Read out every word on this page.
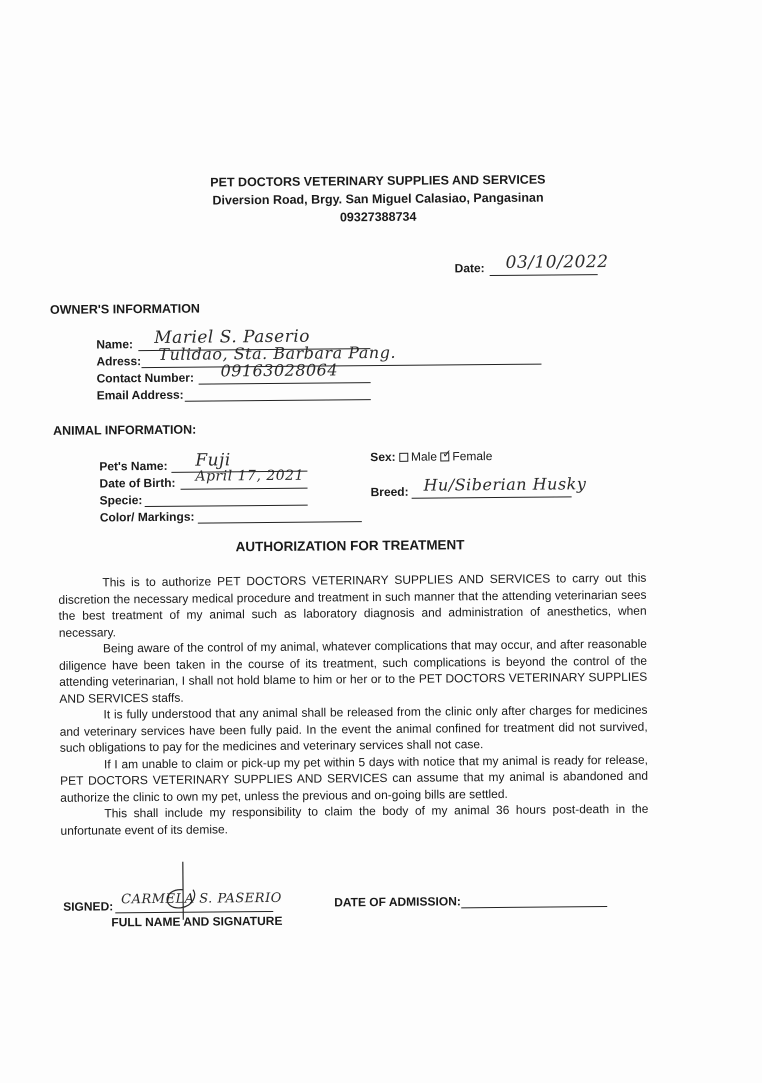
PET DOCTORS VETERINARY SUPPLIES AND SERVICES
Diversion Road, Brgy. San Miguel Calasiao, Pangasinan
09327388734
Date: 03/10/2022
OWNER'S INFORMATION
Name: Mariel S. Paserio
Adress: Tulidao, Sta. Barbara Pang.
Contact Number: 09163028064
Email Address:
ANIMAL INFORMATION:
Pet's Name: Fuji
Date of Birth: April 17, 2021
Specie:
Color/ Markings:
Sex: Male ✓ Female
Breed: Hu/Siberian Husky
AUTHORIZATION FOR TREATMENT

This is to authorize PET DOCTORS VETERINARY SUPPLIES AND SERVICES to carry out this discretion the necessary medical procedure and treatment in such manner that the attending veterinarian sees the best treatment of my animal such as laboratory diagnosis and administration of anesthetics, when necessary.

Being aware of the control of my animal, whatever complications that may occur, and after reasonable diligence have been taken in the course of its treatment, such complications is beyond the control of the attending veterinarian, I shall not hold blame to him or her or to the PET DOCTORS VETERINARY SUPPLIES AND SERVICES staffs.

It is fully understood that any animal shall be released from the clinic only after charges for medicines and veterinary services have been fully paid. In the event the animal confined for treatment did not survived, such obligations to pay for the medicines and veterinary services shall not case.

If I am unable to claim or pick-up my pet within 5 days with notice that my animal is ready for release, PET DOCTORS VETERINARY SUPPLIES AND SERVICES can assume that my animal is abandoned and authorize the clinic to own my pet, unless the previous and on-going bills are settled.

This shall include my responsibility to claim the body of my animal 36 hours post-death in the unfortunate event of its demise.

SIGNED: CARMELA S. PASERIO
FULL NAME AND SIGNATURE
DATE OF ADMISSION:
